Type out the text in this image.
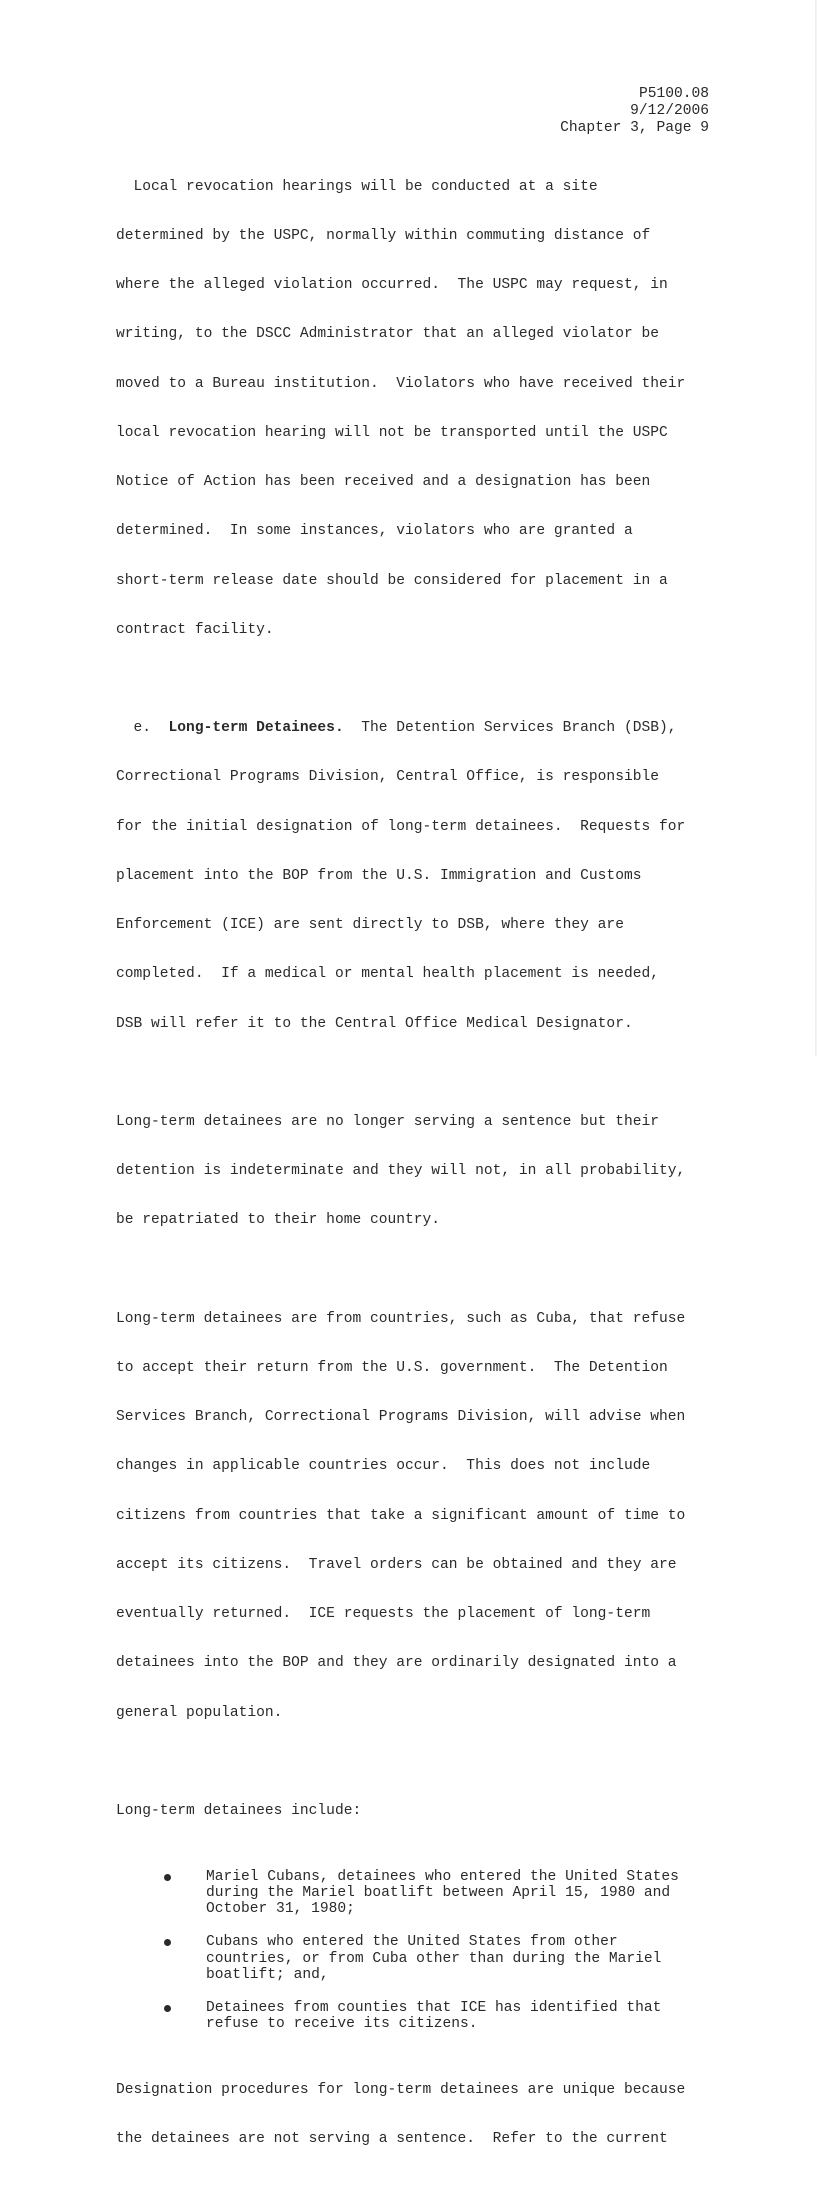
P5100.08
9/12/2006
Chapter 3, Page 9

Local revocation hearings will be conducted at a site

determined by the USPC, normally within commuting distance of

where the alleged violation occurred.  The USPC may request, in

writing, to the DSCC Administrator that an alleged violator be

moved to a Bureau institution.  Violators who have received their

local revocation hearing will not be transported until the USPC

Notice of Action has been received and a designation has been

determined.  In some instances, violators who are granted a

short-term release date should be considered for placement in a

contract facility.

e.  Long-term Detainees.  The Detention Services Branch (DSB),

Correctional Programs Division, Central Office, is responsible

for the initial designation of long-term detainees.  Requests for

placement into the BOP from the U.S. Immigration and Customs

Enforcement (ICE) are sent directly to DSB, where they are

completed.  If a medical or mental health placement is needed,

DSB will refer it to the Central Office Medical Designator.

Long-term detainees are no longer serving a sentence but their

detention is indeterminate and they will not, in all probability,

be repatriated to their home country.

Long-term detainees are from countries, such as Cuba, that refuse

to accept their return from the U.S. government.  The Detention

Services Branch, Correctional Programs Division, will advise when

changes in applicable countries occur.  This does not include

citizens from countries that take a significant amount of time to

accept its citizens.  Travel orders can be obtained and they are

eventually returned.  ICE requests the placement of long-term

detainees into the BOP and they are ordinarily designated into a

general population.

Long-term detainees include:

Mariel Cubans, detainees who entered the United States
during the Mariel boatlift between April 15, 1980 and
October 31, 1980;
Cubans who entered the United States from other
countries, or from Cuba other than during the Mariel
boatlift; and,
Detainees from counties that ICE has identified that
refuse to receive its citizens.

Designation procedures for long-term detainees are unique because

the detainees are not serving a sentence.  Refer to the current
